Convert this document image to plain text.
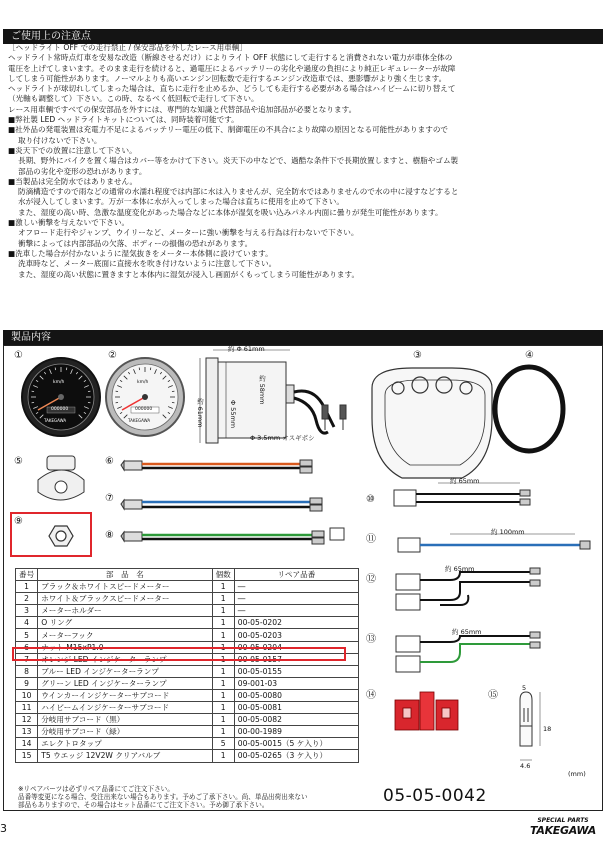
ご使用上の注意点
製品内容
［ヘッドライト OFF での走行禁止 / 保安部品を外したレース用車輌］
ヘッドライト常時点灯車を安易な改造（断線させるだけ）によりライト OFF 状態にして走行すると消費されない電力が車体全体の
電圧を上げてしまいます。そのまま走行を続けると、過電圧によるバッテリーの劣化や過度の負担により純正レギュレーターが故障
してしまう可能性があります。ノーマルよりも高いエンジン回転数で走行するエンジン改造車では、悪影響がより強く生じます。
ヘッドライトが球切れしてしまった場合は、直ちに走行を止めるか、どうしても走行する必要がある場合はハイビームに切り替えて
（光軸も調整して）下さい。この時、なるべく低回転で走行して下さい。
レース用車輌ですべての保安部品を外すには、専門的な知識と代替部品や追加部品が必要となります。
■弊社製 LED ヘッドライトキットについては、同時装着可能です。
■社外品の発電装置は充電力不足によるバッテリー電圧の低下、制御電圧の不具合により故障の原因となる可能性がありますので
取り付けないで下さい。
■炎天下での放置に注意して下さい。
長期、野外にバイクを置く場合はカバー等をかけて下さい。炎天下の中などで、過酷な条件下で長期放置しますと、樹脂やゴム製
部品の劣化や変形の恐れがあります。
■当製品は完全防水ではありません。
防滴構造ですので雨などの通常の水濡れ程度では内部に水は入りませんが、完全防水ではありませんので水の中に浸すなどすると
水が浸入してしまいます。万が一本体に水が入ってしまった場合は直ちに使用を止めて下さい。
また、湿度の高い時、急激な温度変化があった場合などに本体が湿気を吸い込みパネル内面に曇りが発生可能性があります。
■激しい衝撃を与えないで下さい。
オフロード走行やジャンプ、ウイリーなど、メーターに強い衝撃を与える行為は行わないで下さい。
衝撃によっては内部部品の欠落、ボディーの損傷の恐れがあります。
■洗車した場合が付かないように湿気抜きをメーター本体側に設けています。
洗車時など、メーター底面に直接水を吹き付けないように注意して下さい。
また、湿度の高い状態に置きますと本体内に湿気が浸入し画面がくもってしまう可能性があります。
①	②	③	④
⑤	⑥
⑦
⑧
⑨
⑩
⑪
⑫
⑬
⑭	⑮
約 Φ 61mm
約 61mm	Φ 55mm
約 58mm
Φ 3.5mm オスギボシ
約 65mm
約 100mm
約 65mm
約 65mm
5
18
4.6
(mm)
km/h
TAKEGAWA
000000
km/h
TAKEGAWA
000000
番号	部　品　名	個数	リペア品番
1	ブラック＆ホワイトスピードメーター	1	―
2	ホワイト＆ブラックスピードメーター	1	―
3	メーターホルダー	1	―
4	O リング	1	00-05-0202
5	メーターフック	1	00-05-0203
6	ナット M15xP1.0	1	00-05-0204
7	オレンジ LED インジケーターランプ	1	00-05-0157
8	ブルー LED インジケーターランプ	1	00-05-0155
9	グリーン LED インジケーターランプ	1	09-001-03
10	ウインカーインジケーターサブコード	1	00-05-0080
11	ハイビームインジケーターサブコード	1	00-05-0081
12	分岐用サブコード（黒）	1	00-05-0082
13	分岐用サブコード（緑）	1	00-00-1989
14	エレクトロタップ	5	00-05-0015（5 ケ入り）
15	T5 ウエッジ 12V2W クリアバルブ	1	00-05-0265（3 ケ入り）
※リペアパーツは必ずリペア品番にてご注文下さい。
品番等変更になる場合、受注出来ない場合もあります。予めご了承下さい。尚、単品出荷出来ない
部品もありますので、その場合はセット品番にてご注文下さい。予め御了承下さい。	05-05-0042
3
SPECIAL PARTS
TAKEGAWA
